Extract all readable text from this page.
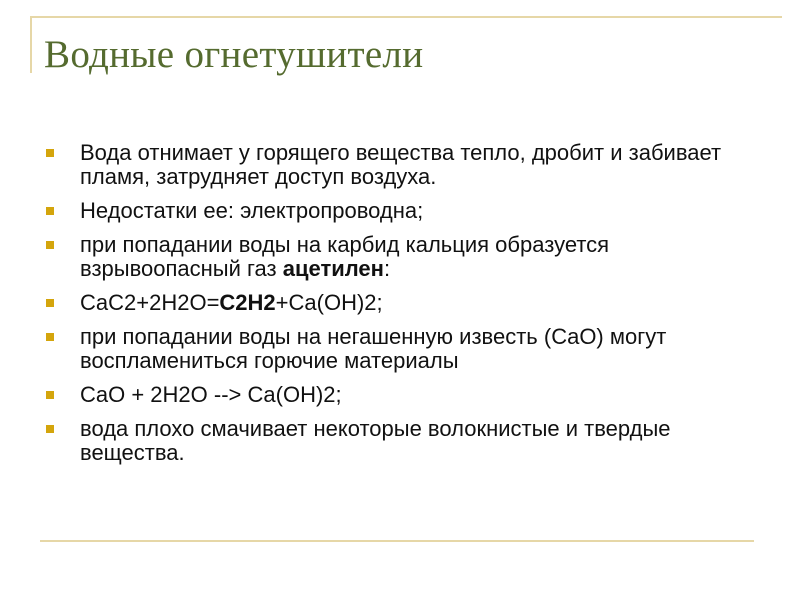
Водные огнетушители
Вода отнимает у горящего вещества тепло, дробит и забивает пламя, затрудняет доступ воздуха.
Недостатки ее: электропроводна;
при попадании воды на карбид кальция образуется взрывоопасный газ ацетилен:
CaC2+2H2O=C2H2+Ca(OH)2;
при попадании воды на негашенную известь (CaO) могут воспламениться горючие материалы
CaO + 2H2O --> Ca(OH)2;
вода плохо смачивает некоторые волокнистые и твердые вещества.
